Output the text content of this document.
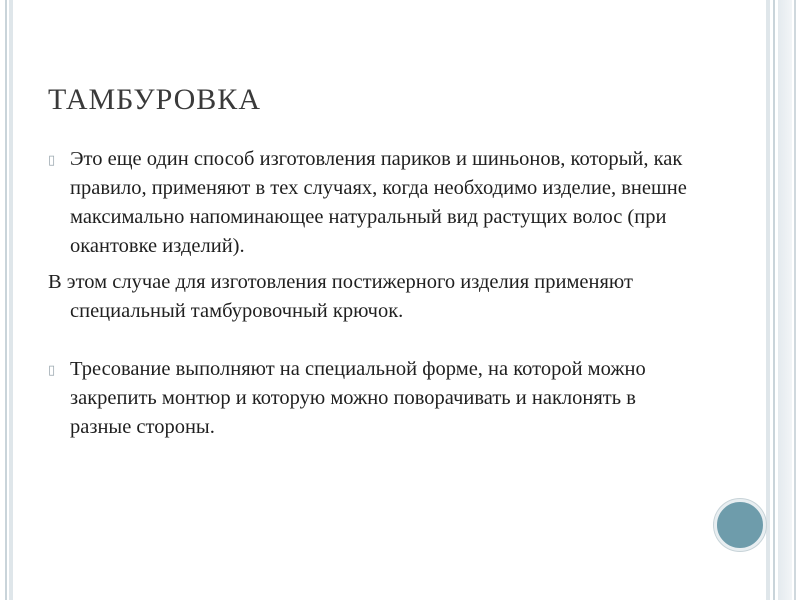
ТАМБУРОВКА

▯ Это еще один способ изготовления париков и шиньонов, который, как правило, применяют в тех случаях, когда необходимо изделие, внешне максимально напоминающее натуральный вид растущих волос (при окантовке изделий).

В этом случае для изготовления постижерного изделия применяют специальный тамбуровочный крючок.

▯ Тресование выполняют на специальной форме, на которой можно закрепить монтюр и которую можно поворачивать и наклонять в разные стороны.
